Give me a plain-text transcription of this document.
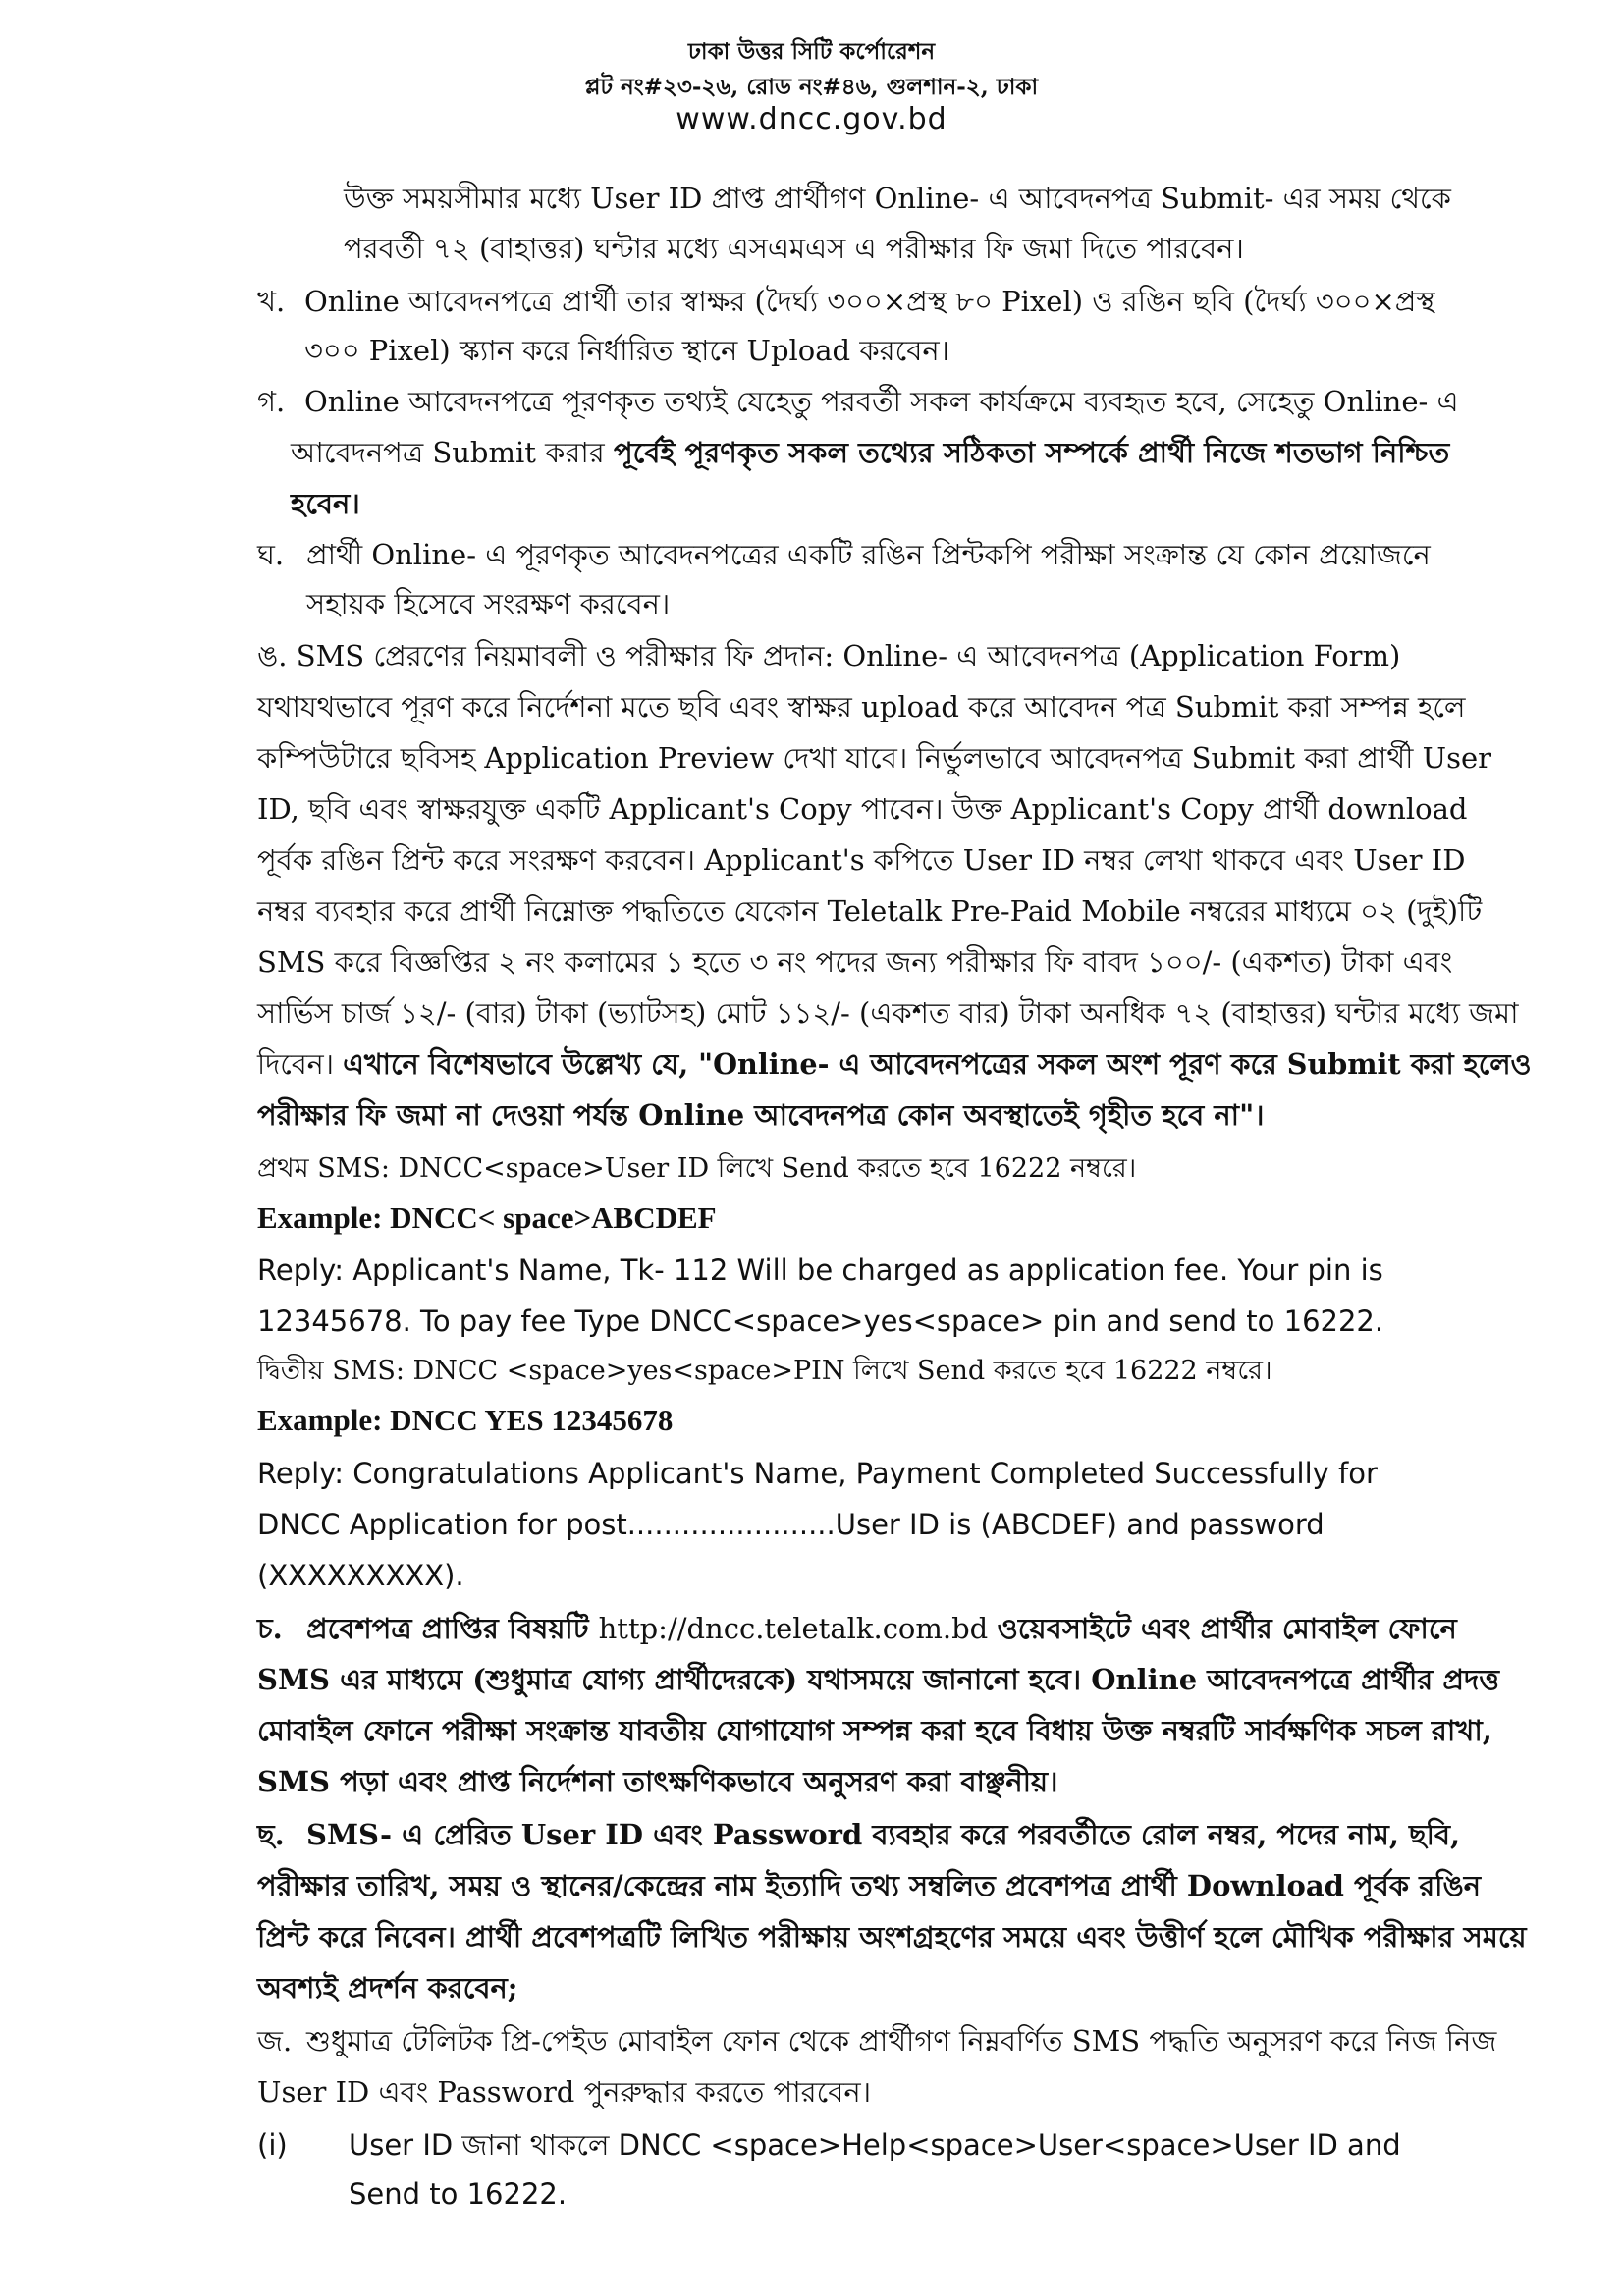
ঢাকা উত্তর সিটি কর্পোরেশন
প্লট নং#২৩-২৬, রোড নং#৪৬, গুলশান-২, ঢাকা
www.dncc.gov.bd
উক্ত সময়সীমার মধ্যে User ID প্রাপ্ত প্রার্থীগণ Online- এ আবেদনপত্র Submit- এর সময় থেকে
পরবর্তী ৭২ (বাহাত্তর) ঘন্টার মধ্যে এসএমএস এ পরীক্ষার ফি জমা দিতে পারবেন।
খ. Online আবেদনপত্রে প্রার্থী তার স্বাক্ষর (দৈর্ঘ্য ৩০০×প্রস্থ ৮০ Pixel) ও রঙিন ছবি (দৈর্ঘ্য ৩০০×প্রস্থ
৩০০ Pixel) স্ক্যান করে নির্ধারিত স্থানে Upload করবেন।
গ. Online আবেদনপত্রে পূরণকৃত তথ্যই যেহেতু পরবর্তী সকল কার্যক্রমে ব্যবহৃত হবে, সেহেতু Online- এ
আবেদনপত্র Submit করার পূর্বেই পূরণকৃত সকল তথ্যের সঠিকতা সম্পর্কে প্রার্থী নিজে শতভাগ নিশ্চিত
হবেন।
ঘ. প্রার্থী Online- এ পূরণকৃত আবেদনপত্রের একটি রঙিন প্রিন্টকপি পরীক্ষা সংক্রান্ত যে কোন প্রয়োজনে
সহায়ক হিসেবে সংরক্ষণ করবেন।
ঙ. SMS প্রেরণের নিয়মাবলী ও পরীক্ষার ফি প্রদান: Online- এ আবেদনপত্র (Application Form)
যথাযথভাবে পূরণ করে নির্দেশনা মতে ছবি এবং স্বাক্ষর upload করে আবেদন পত্র Submit করা সম্পন্ন হলে
কম্পিউটারে ছবিসহ Application Preview দেখা যাবে। নির্ভুলভাবে আবেদনপত্র Submit করা প্রার্থী User
ID, ছবি এবং স্বাক্ষরযুক্ত একটি Applicant's Copy পাবেন। উক্ত Applicant's Copy প্রার্থী download
পূর্বক রঙিন প্রিন্ট করে সংরক্ষণ করবেন। Applicant's কপিতে User ID নম্বর লেখা থাকবে এবং User ID
নম্বর ব্যবহার করে প্রার্থী নিম্নোক্ত পদ্ধতিতে যেকোন Teletalk Pre-Paid Mobile নম্বরের মাধ্যমে ০২ (দুই)টি
SMS করে বিজ্ঞপ্তির ২ নং কলামের ১ হতে ৩ নং পদের জন্য পরীক্ষার ফি বাবদ ১০০/- (একশত) টাকা এবং
সার্ভিস চার্জ ১২/- (বার) টাকা (ভ্যাটসহ) মোট ১১২/- (একশত বার) টাকা অনধিক ৭২ (বাহাত্তর) ঘন্টার মধ্যে জমা
দিবেন। এখানে বিশেষভাবে উল্লেখ্য যে, "Online- এ আবেদনপত্রের সকল অংশ পূরণ করে Submit করা হলেও
পরীক্ষার ফি জমা না দেওয়া পর্যন্ত Online আবেদনপত্র কোন অবস্থাতেই গৃহীত হবে না"।
প্রথম SMS: DNCC<space>User ID লিখে Send করতে হবে 16222 নম্বরে।
Example: DNCC< space>ABCDEF
Reply: Applicant's Name, Tk- 112 Will be charged as application fee. Your pin is
12345678. To pay fee Type DNCC<space>yes<space> pin and send to 16222.
দ্বিতীয় SMS: DNCC <space>yes<space>PIN লিখে Send করতে হবে 16222 নম্বরে।
Example: DNCC YES 12345678
Reply: Congratulations Applicant's Name, Payment Completed Successfully for
DNCC Application for post.......................User ID is (ABCDEF) and password
(XXXXXXXXX).
চ. প্রবেশপত্র প্রাপ্তির বিষয়টি http://dncc.teletalk.com.bd ওয়েবসাইটে এবং প্রার্থীর মোবাইল ফোনে
SMS এর মাধ্যমে (শুধুমাত্র যোগ্য প্রার্থীদেরকে) যথাসময়ে জানানো হবে। Online আবেদনপত্রে প্রার্থীর প্রদত্ত
মোবাইল ফোনে পরীক্ষা সংক্রান্ত যাবতীয় যোগাযোগ সম্পন্ন করা হবে বিধায় উক্ত নম্বরটি সার্বক্ষণিক সচল রাখা,
SMS পড়া এবং প্রাপ্ত নির্দেশনা তাৎক্ষণিকভাবে অনুসরণ করা বাঞ্ছনীয়।
ছ. SMS- এ প্রেরিত User ID এবং Password ব্যবহার করে পরবর্তীতে রোল নম্বর, পদের নাম, ছবি,
পরীক্ষার তারিখ, সময় ও স্থানের/কেন্দ্রের নাম ইত্যাদি তথ্য সম্বলিত প্রবেশপত্র প্রার্থী Download পূর্বক রঙিন
প্রিন্ট করে নিবেন। প্রার্থী প্রবেশপত্রটি লিখিত পরীক্ষায় অংশগ্রহণের সময়ে এবং উত্তীর্ণ হলে মৌখিক পরীক্ষার সময়ে
অবশ্যই প্রদর্শন করবেন;
জ. শুধুমাত্র টেলিটক প্রি-পেইড মোবাইল ফোন থেকে প্রার্থীগণ নিম্নবর্ণিত SMS পদ্ধতি অনুসরণ করে নিজ নিজ
User ID এবং Password পুনরুদ্ধার করতে পারবেন।
(i) User ID জানা থাকলে DNCC <space>Help<space>User<space>User ID and
Send to 16222.
